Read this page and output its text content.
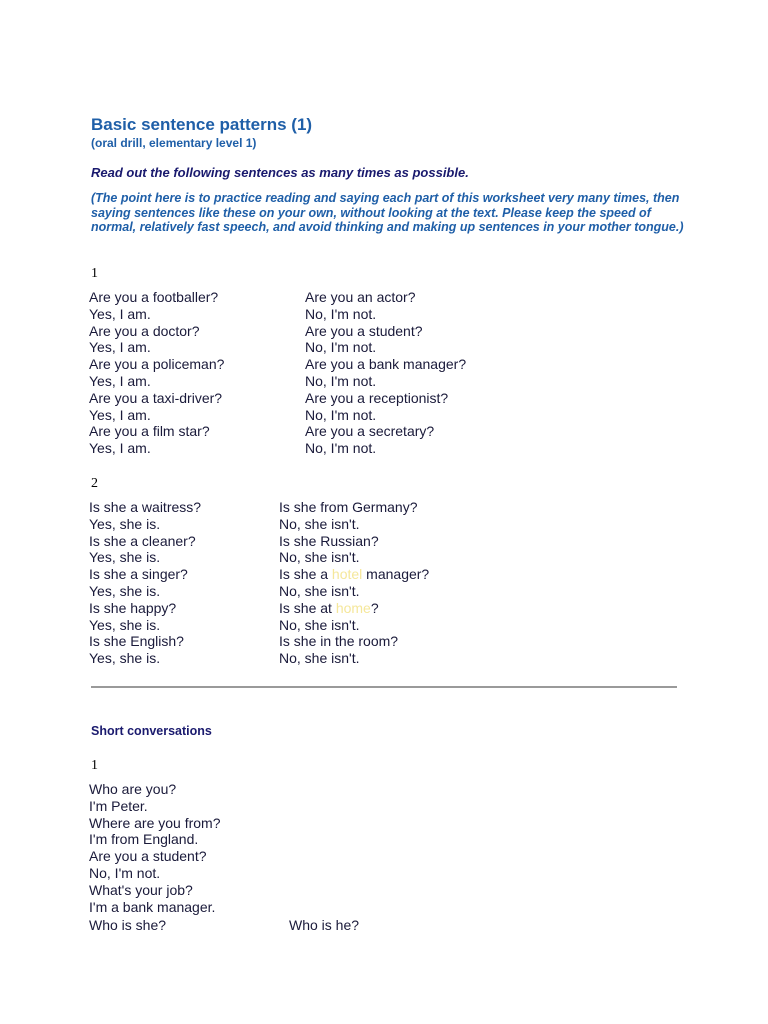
Basic sentence patterns (1)
(oral drill, elementary level 1)
Read out the following sentences as many times as possible.
(The point here is to practice reading and saying each part of this worksheet very many times, then saying sentences like these on your own, without looking at the text. Please keep the speed of normal, relatively fast speech, and avoid thinking and making up sentences in your mother tongue.)
1
Are you a footballer?
Yes, I am.
Are you a doctor?
Yes, I am.
Are you a policeman?
Yes, I am.
Are you a taxi-driver?
Yes, I am.
Are you a film star?
Yes, I am.
Are you an actor?
No, I'm not.
Are you a student?
No, I'm not.
Are you a bank manager?
No, I'm not.
Are you a receptionist?
No, I'm not.
Are you a secretary?
No, I'm not.
2
Is she a waitress?
Yes, she is.
Is she a cleaner?
Yes, she is.
Is she a singer?
Yes, she is.
Is she happy?
Yes, she is.
Is she English?
Yes, she is.
Is she from Germany?
No, she isn't.
Is she Russian?
No, she isn't.
Is she a hotel manager?
No, she isn't.
Is she at home?
No, she isn't.
Is she in the room?
No, she isn't.
Short conversations
1
Who are you?
I'm Peter.
Where are you from?
I'm from England.
Are you a student?
No, I'm not.
What's your job?
I'm a bank manager.
Who is she?	Who is he?
